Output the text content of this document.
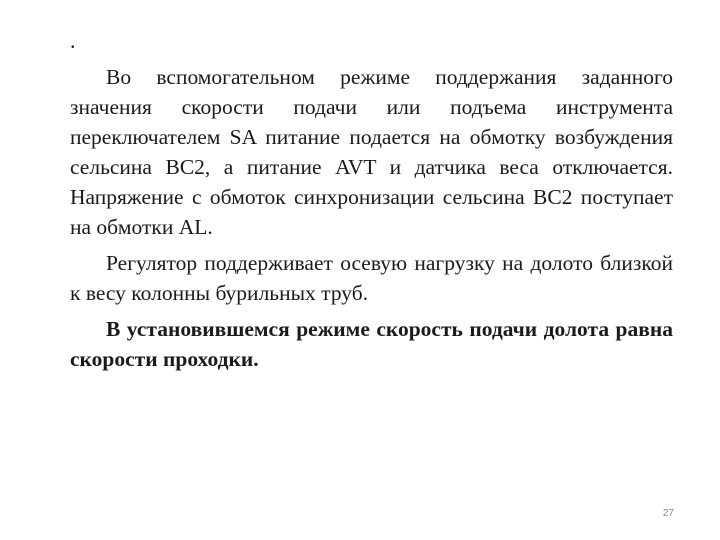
.

Во вспомогательном режиме поддержания заданного значения скорости подачи или подъема инструмента переключателем SA питание подается на обмотку возбуждения сельсина ВС2, а питание AVT и датчика веса отключается. Напряжение с обмоток синхронизации сельсина ВС2 поступает на обмотки AL.

Регулятор поддерживает осевую нагрузку на долото близкой к весу колонны бурильных труб.

В установившемся режиме скорость подачи долота равна скорости проходки.

27
